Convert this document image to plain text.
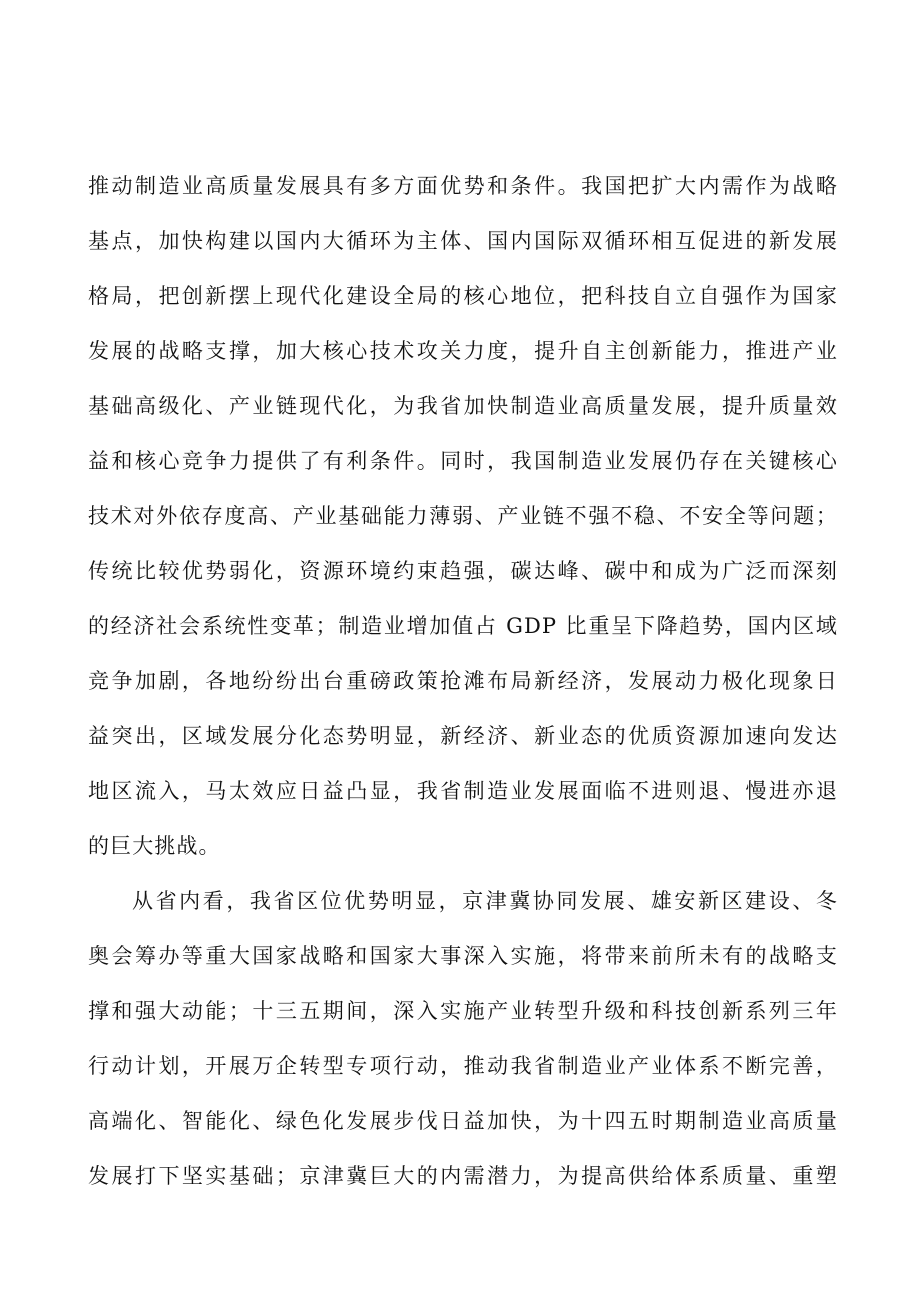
推动制造业高质量发展具有多方面优势和条件。我国把扩大内需作为战略
基点，加快构建以国内大循环为主体、国内国际双循环相互促进的新发展
格局，把创新摆上现代化建设全局的核心地位，把科技自立自强作为国家
发展的战略支撑，加大核心技术攻关力度，提升自主创新能力，推进产业
基础高级化、产业链现代化，为我省加快制造业高质量发展，提升质量效
益和核心竞争力提供了有利条件。同时，我国制造业发展仍存在关键核心
技术对外依存度高、产业基础能力薄弱、产业链不强不稳、不安全等问题；
传统比较优势弱化，资源环境约束趋强，碳达峰、碳中和成为广泛而深刻
的经济社会系统性变革；制造业增加值占 GDP 比重呈下降趋势，国内区域
竞争加剧，各地纷纷出台重磅政策抢滩布局新经济，发展动力极化现象日
益突出，区域发展分化态势明显，新经济、新业态的优质资源加速向发达
地区流入，马太效应日益凸显，我省制造业发展面临不进则退、慢进亦退
的巨大挑战。
从省内看，我省区位优势明显，京津冀协同发展、雄安新区建设、冬
奥会筹办等重大国家战略和国家大事深入实施，将带来前所未有的战略支
撑和强大动能；十三五期间，深入实施产业转型升级和科技创新系列三年
行动计划，开展万企转型专项行动，推动我省制造业产业体系不断完善，
高端化、智能化、绿色化发展步伐日益加快，为十四五时期制造业高质量
发展打下坚实基础；京津冀巨大的内需潜力，为提高供给体系质量、重塑
